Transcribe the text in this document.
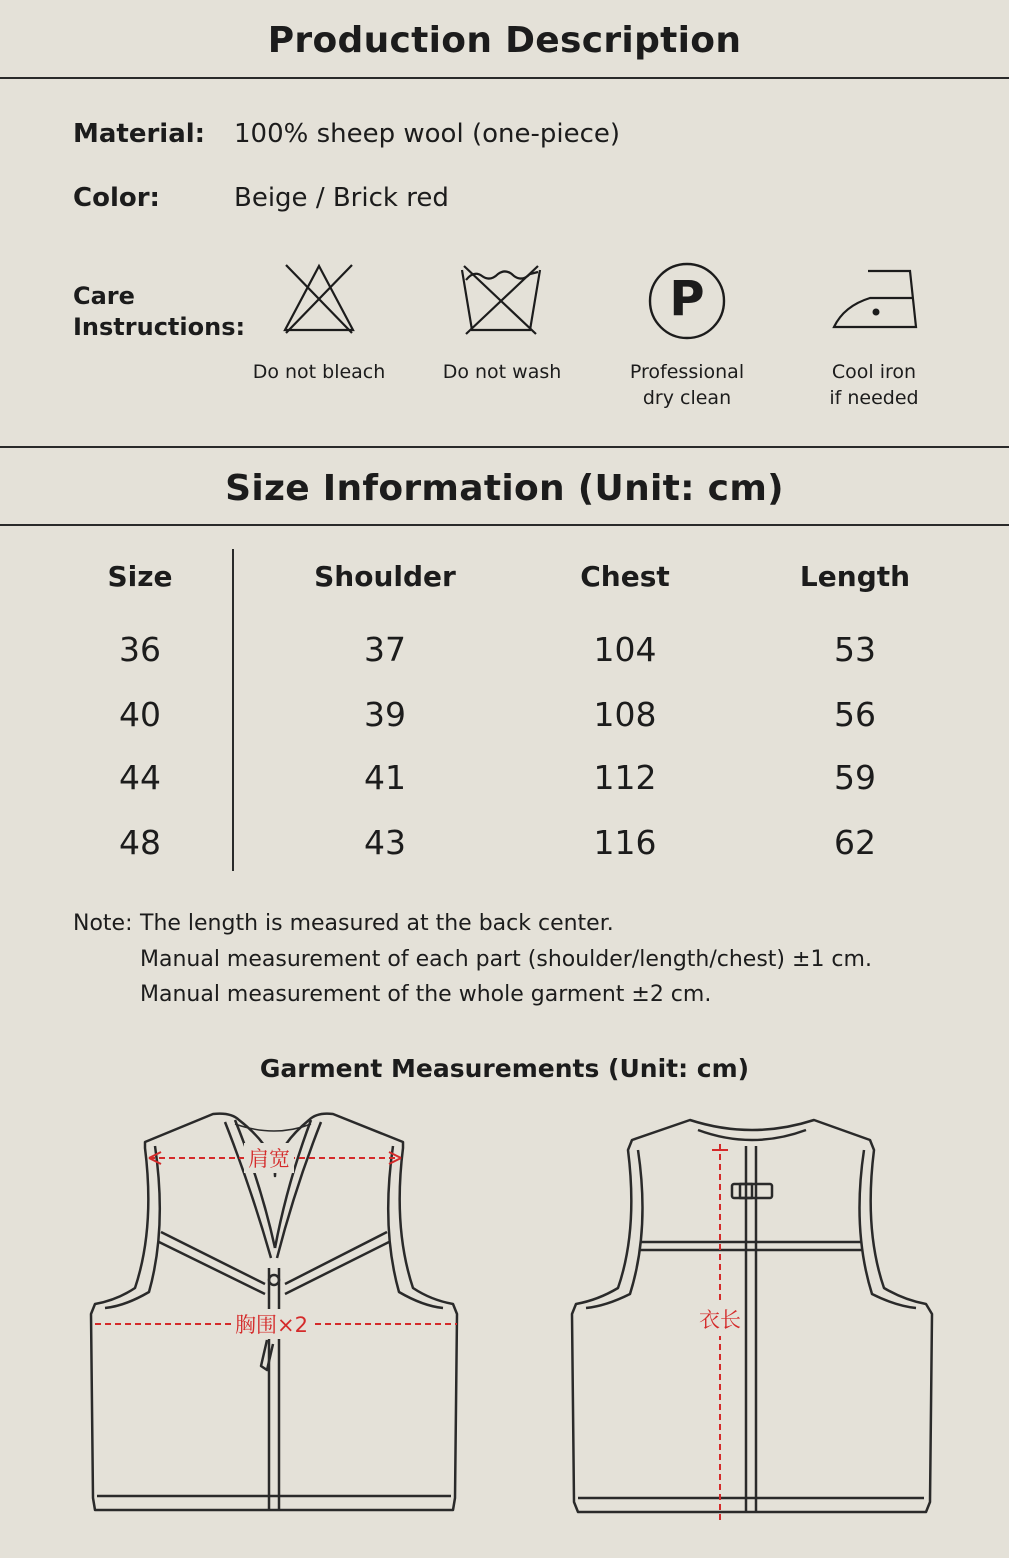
Production Description
Material: 100% sheep wool (one-piece)
Color:	Beige / Brick red
Care
Instructions:	P
Do not bleach	Do not wash	Professional
dry clean
Cool iron
if needed
Size Information (Unit: cm)
Size	Shoulder	Chest	Length
36	37	104	53
40	39	108	56
44	41	112	59
48	43	116	62
Note: The length is measured at the back center.
Manual measurement of each part (shoulder/length/chest) ±1 cm.
Manual measurement of the whole garment ±2 cm.
Garment Measurements (Unit: cm)
肩宽
胸围×2	衣长
